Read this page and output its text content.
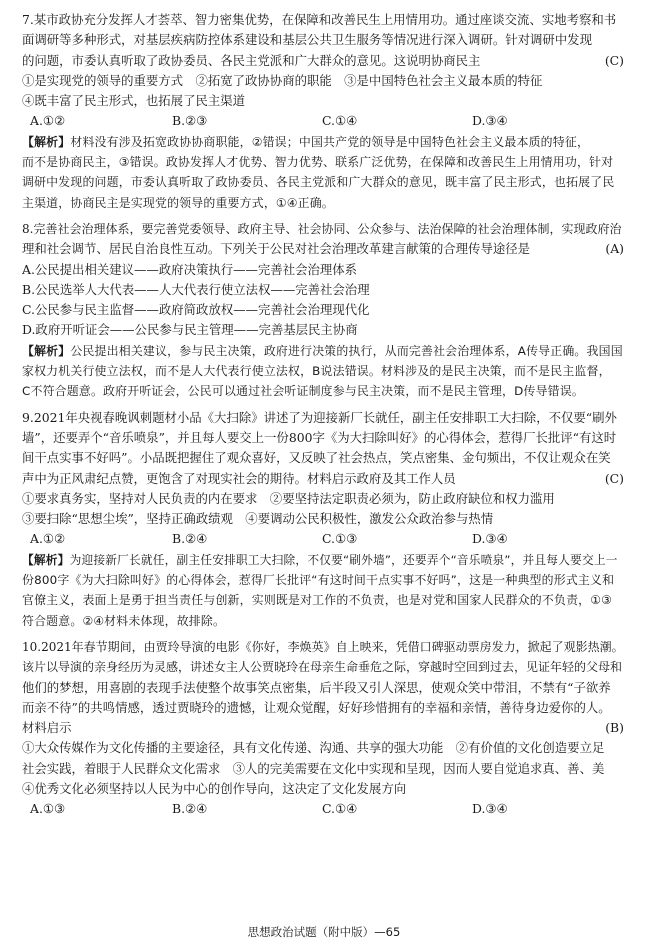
7.某市政协充分发挥人才荟萃、智力密集优势，在保障和改善民生上用情用功。通过座谈交流、实地考察和书
面调研等多种形式，对基层疾病防控体系建设和基层公共卫生服务等情况进行深入调研。针对调研中发现
的问题，市委认真听取了政协委员、各民主党派和广大群众的意见。这说明协商民主	(C)
①是实现党的领导的重要方式　②拓宽了政协协商的职能　③是中国特色社会主义最本质的特征
④既丰富了民主形式，也拓展了民主渠道
A.①②	B.②③	C.①④	D.③④
【解析】材料没有涉及拓宽政协协商职能，②错误；中国共产党的领导是中国特色社会主义最本质的特征，
而不是协商民主，③错误。政协发挥人才优势、智力优势、联系广泛优势，在保障和改善民生上用情用功，针对
调研中发现的问题，市委认真听取了政协委员、各民主党派和广大群众的意见，既丰富了民主形式，也拓展了民
主渠道，协商民主是实现党的领导的重要方式，①④正确。
8.完善社会治理体系，要完善党委领导、政府主导、社会协同、公众参与、法治保障的社会治理体制，实现政府治
理和社会调节、居民自治良性互动。下列关于公民对社会治理改革建言献策的合理传导途径是	(A)
A.公民提出相关建议——政府决策执行——完善社会治理体系
B.公民选举人大代表——人大代表行使立法权——完善社会治理
C.公民参与民主监督——政府简政放权——完善社会治理现代化
D.政府开听证会——公民参与民主管理——完善基层民主协商
【解析】公民提出相关建议，参与民主决策，政府进行决策的执行，从而完善社会治理体系，A传导正确。我国国
家权力机关行使立法权，而不是人大代表行使立法权，B说法错误。材料涉及的是民主决策，而不是民主监督，
C不符合题意。政府开听证会，公民可以通过社会听证制度参与民主决策，而不是民主管理，D传导错误。
9.2021年央视春晚讽刺题材小品《大扫除》讲述了为迎接新厂长就任，副主任安排职工大扫除，不仅要“刷外
墙”，还要弄个“音乐喷泉”，并且每人要交上一份800字《为大扫除叫好》的心得体会，惹得厂长批评“有这时
间干点实事不好吗”。小品既把握住了观众喜好，又反映了社会热点，笑点密集、金句频出，不仅让观众在笑
声中为正风肃纪点赞，更饱含了对现实社会的期待。材料启示政府及其工作人员	(C)
①要求真务实，坚持对人民负责的内在要求　②要坚持法定职责必须为，防止政府缺位和权力滥用
③要扫除“思想尘埃”，坚持正确政绩观　④要调动公民积极性，激发公众政治参与热情
A.①②	B.②④	C.①③	D.③④
【解析】为迎接新厂长就任，副主任安排职工大扫除，不仅要“刷外墙”，还要弄个“音乐喷泉”，并且每人要交上一
份800字《为大扫除叫好》的心得体会，惹得厂长批评“有这时间干点实事不好吗”，这是一种典型的形式主义和
官僚主义，表面上是勇于担当责任与创新，实则既是对工作的不负责，也是对党和国家人民群众的不负责，①③
符合题意。②④材料未体现，故排除。
10.2021年春节期间，由贾玲导演的电影《你好，李焕英》自上映来，凭借口碑驱动票房发力，掀起了观影热潮。
该片以导演的亲身经历为灵感，讲述女主人公贾晓玲在母亲生命垂危之际，穿越时空回到过去，见证年轻的父母和
他们的梦想，用喜剧的表现手法使整个故事笑点密集，后半段又引人深思，使观众笑中带泪，不禁有“子欲养
而亲不待”的共鸣情感，透过贾晓玲的遗憾，让观众觉醒，好好珍惜拥有的幸福和亲情，善待身边爱你的人。
材料启示	(B)
①大众传媒作为文化传播的主要途径，具有文化传递、沟通、共享的强大功能　②有价值的文化创造要立足
社会实践，着眼于人民群众文化需求　③人的完美需要在文化中实现和呈现，因而人要自觉追求真、善、美
④优秀文化必须坚持以人民为中心的创作导向，这决定了文化发展方向
A.①③	B.②④	C.①④	D.③④
思想政治试题（附中版）—65
